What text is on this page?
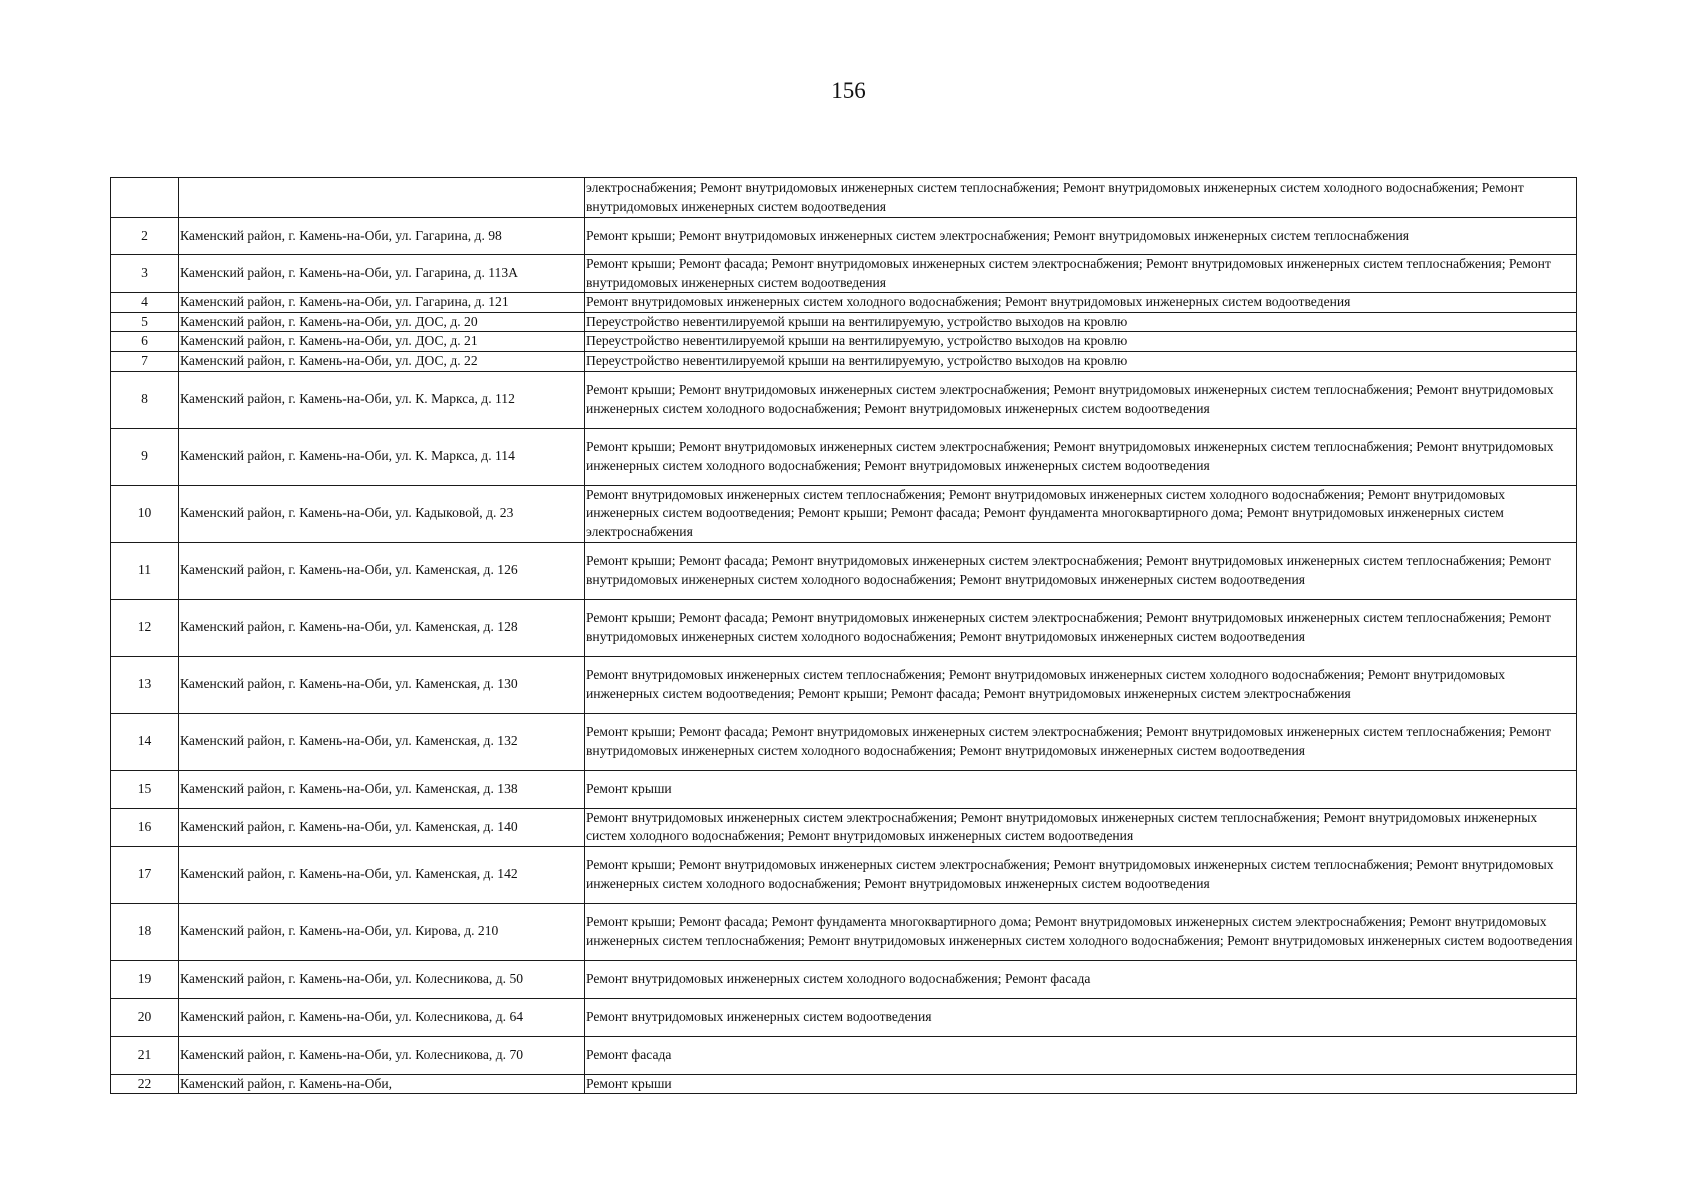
156
		электроснабжения; Ремонт внутридомовых инженерных систем теплоснабжения; Ремонт внутридомовых инженерных систем холодного водоснабжения; Ремонт внутридомовых инженерных систем водоотведения
2	Каменский район, г. Камень-на-Оби, ул. Гагарина, д. 98	Ремонт крыши; Ремонт внутридомовых инженерных систем электроснабжения; Ремонт внутридомовых инженерных систем теплоснабжения
3	Каменский район, г. Камень-на-Оби, ул. Гагарина, д. 113А	Ремонт крыши; Ремонт фасада; Ремонт внутридомовых инженерных систем электроснабжения; Ремонт внутридомовых инженерных систем теплоснабжения; Ремонт внутридомовых инженерных систем водоотведения
4	Каменский район, г. Камень-на-Оби, ул. Гагарина, д. 121	Ремонт внутридомовых инженерных систем холодного водоснабжения; Ремонт внутридомовых инженерных систем водоотведения
5	Каменский район, г. Камень-на-Оби, ул. ДОС, д. 20	Переустройство невентилируемой крыши на вентилируемую, устройство выходов на кровлю
6	Каменский район, г. Камень-на-Оби, ул. ДОС, д. 21	Переустройство невентилируемой крыши на вентилируемую, устройство выходов на кровлю
7	Каменский район, г. Камень-на-Оби, ул. ДОС, д. 22	Переустройство невентилируемой крыши на вентилируемую, устройство выходов на кровлю
8	Каменский район, г. Камень-на-Оби, ул. К. Маркса, д. 112	Ремонт крыши; Ремонт внутридомовых инженерных систем электроснабжения; Ремонт внутридомовых инженерных систем теплоснабжения; Ремонт внутридомовых инженерных систем холодного водоснабжения; Ремонт внутридомовых инженерных систем водоотведения
9	Каменский район, г. Камень-на-Оби, ул. К. Маркса, д. 114	Ремонт крыши; Ремонт внутридомовых инженерных систем электроснабжения; Ремонт внутридомовых инженерных систем теплоснабжения; Ремонт внутридомовых инженерных систем холодного водоснабжения; Ремонт внутридомовых инженерных систем водоотведения
10	Каменский район, г. Камень-на-Оби, ул. Кадыковой, д. 23	Ремонт внутридомовых инженерных систем теплоснабжения; Ремонт внутридомовых инженерных систем холодного водоснабжения; Ремонт внутридомовых инженерных систем водоотведения; Ремонт крыши; Ремонт фасада; Ремонт фундамента многоквартирного дома; Ремонт внутридомовых инженерных систем электроснабжения
11	Каменский район, г. Камень-на-Оби, ул. Каменская, д. 126	Ремонт крыши; Ремонт фасада; Ремонт внутридомовых инженерных систем электроснабжения; Ремонт внутридомовых инженерных систем теплоснабжения; Ремонт внутридомовых инженерных систем холодного водоснабжения; Ремонт внутридомовых инженерных систем водоотведения
12	Каменский район, г. Камень-на-Оби, ул. Каменская, д. 128	Ремонт крыши; Ремонт фасада; Ремонт внутридомовых инженерных систем электроснабжения; Ремонт внутридомовых инженерных систем теплоснабжения; Ремонт внутридомовых инженерных систем холодного водоснабжения; Ремонт внутридомовых инженерных систем водоотведения
13	Каменский район, г. Камень-на-Оби, ул. Каменская, д. 130	Ремонт внутридомовых инженерных систем теплоснабжения; Ремонт внутридомовых инженерных систем холодного водоснабжения; Ремонт внутридомовых инженерных систем водоотведения; Ремонт крыши; Ремонт фасада; Ремонт внутридомовых инженерных систем электроснабжения
14	Каменский район, г. Камень-на-Оби, ул. Каменская, д. 132	Ремонт крыши; Ремонт фасада; Ремонт внутридомовых инженерных систем электроснабжения; Ремонт внутридомовых инженерных систем теплоснабжения; Ремонт внутридомовых инженерных систем холодного водоснабжения; Ремонт внутридомовых инженерных систем водоотведения
15	Каменский район, г. Камень-на-Оби, ул. Каменская, д. 138	Ремонт крыши
16	Каменский район, г. Камень-на-Оби, ул. Каменская, д. 140	Ремонт внутридомовых инженерных систем электроснабжения; Ремонт внутридомовых инженерных систем теплоснабжения; Ремонт внутридомовых инженерных систем холодного водоснабжения; Ремонт внутридомовых инженерных систем водоотведения
17	Каменский район, г. Камень-на-Оби, ул. Каменская, д. 142	Ремонт крыши; Ремонт внутридомовых инженерных систем электроснабжения; Ремонт внутридомовых инженерных систем теплоснабжения; Ремонт внутридомовых инженерных систем холодного водоснабжения; Ремонт внутридомовых инженерных систем водоотведения
18	Каменский район, г. Камень-на-Оби, ул. Кирова, д. 210	Ремонт крыши; Ремонт фасада; Ремонт фундамента многоквартирного дома; Ремонт внутридомовых инженерных систем электроснабжения; Ремонт внутридомовых инженерных систем теплоснабжения; Ремонт внутридомовых инженерных систем холодного водоснабжения; Ремонт внутридомовых инженерных систем водоотведения
19	Каменский район, г. Камень-на-Оби, ул. Колесникова, д. 50	Ремонт внутридомовых инженерных систем холодного водоснабжения; Ремонт фасада
20	Каменский район, г. Камень-на-Оби, ул. Колесникова, д. 64	Ремонт внутридомовых инженерных систем водоотведения
21	Каменский район, г. Камень-на-Оби, ул. Колесникова, д. 70	Ремонт фасада
22	Каменский район, г. Камень-на-Оби,	Ремонт крыши
